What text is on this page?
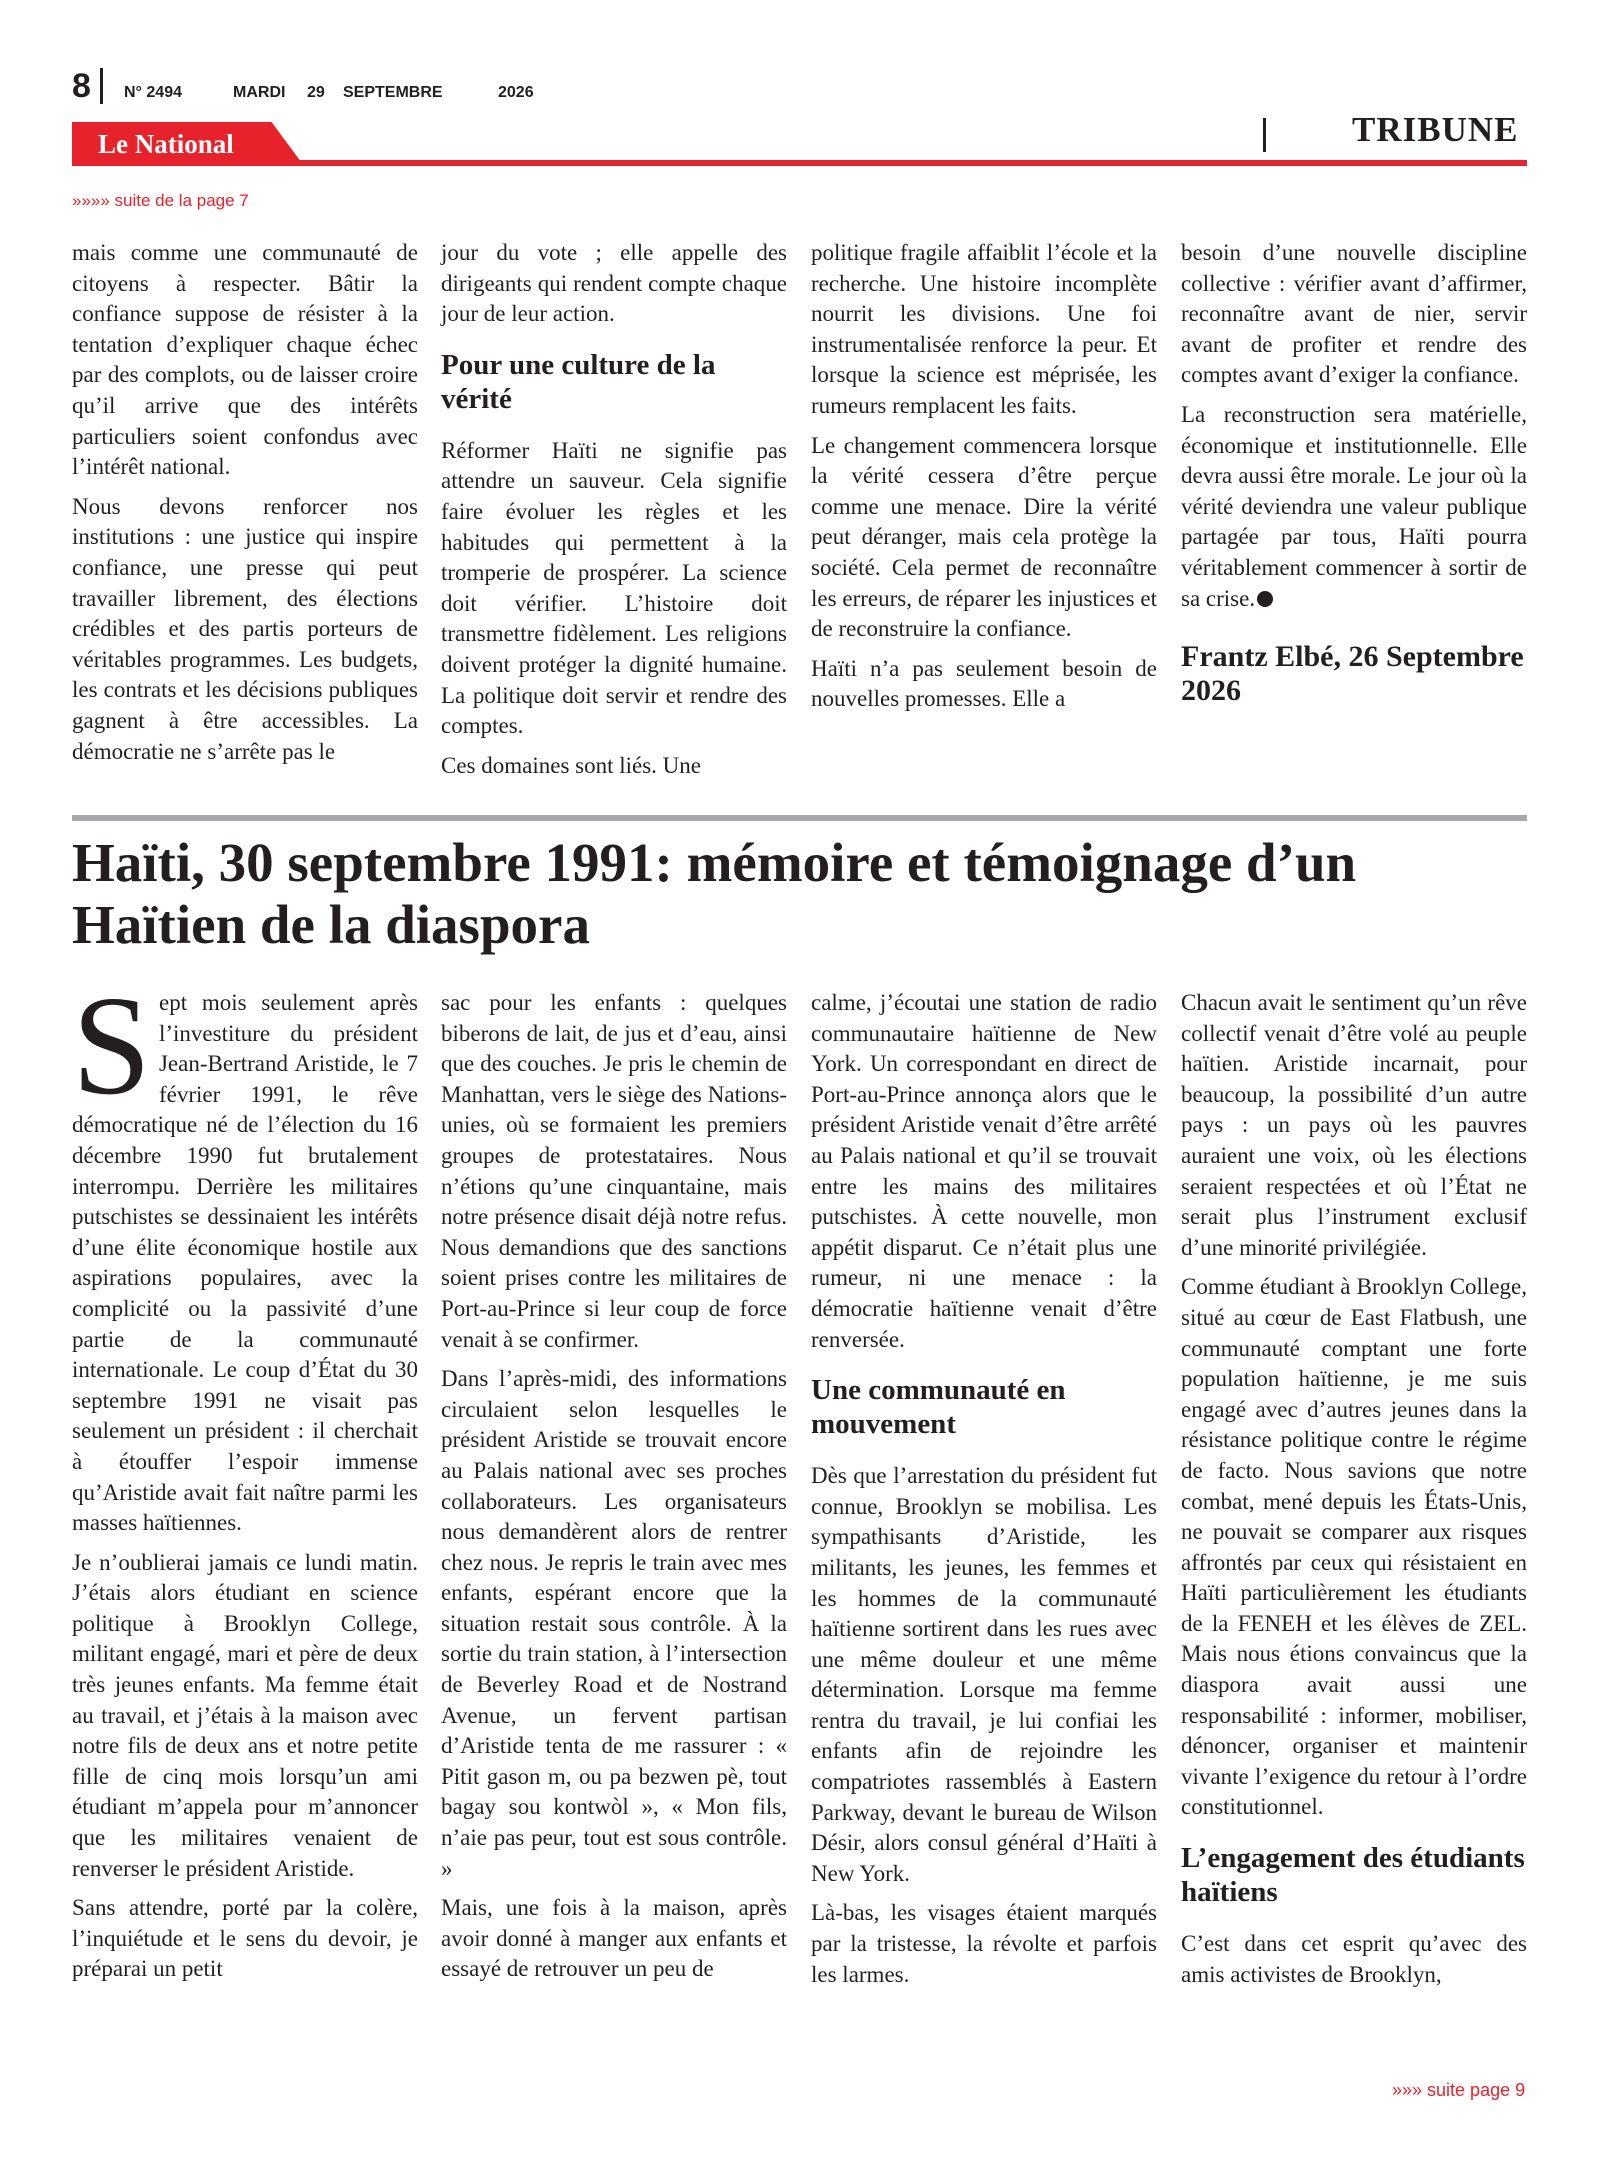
8 N° 2494	MARDI 29 SEPTEMBRE	2026
Le National	TRIBUNE
»»»» suite de la page 7

mais comme une communauté de citoyens à respecter. Bâtir la confiance suppose de résister à la tentation d’expliquer chaque échec par des complots, ou de laisser croire qu’il arrive que des intérêts particuliers soient confondus avec l’intérêt national.

Nous devons renforcer nos institutions : une justice qui inspire confiance, une presse qui peut travailler librement, des élections crédibles et des partis porteurs de véritables programmes. Les budgets, les contrats et les décisions publiques gagnent à être accessibles. La démocratie ne s’arrête pas le

jour du vote ; elle appelle des dirigeants qui rendent compte chaque jour de leur action.

Pour une culture de la vérité

Réformer Haïti ne signifie pas attendre un sauveur. Cela signifie faire évoluer les règles et les habitudes qui permettent à la tromperie de prospérer. La science doit vérifier. L’histoire doit transmettre fidèlement. Les religions doivent protéger la dignité humaine. La politique doit servir et rendre des comptes.

Ces domaines sont liés. Une

politique fragile affaiblit l’école et la recherche. Une histoire incomplète nourrit les divisions. Une foi instrumentalisée renforce la peur. Et lorsque la science est méprisée, les rumeurs remplacent les faits.

Le changement commencera lorsque la vérité cessera d’être perçue comme une menace. Dire la vérité peut déranger, mais cela protège la société. Cela permet de reconnaître les erreurs, de réparer les injustices et de reconstruire la confiance.

Haïti n’a pas seulement besoin de nouvelles promesses. Elle a

besoin d’une nouvelle discipline collective : vérifier avant d’affirmer, reconnaître avant de nier, servir avant de profiter et rendre des comptes avant d’exiger la confiance.

La reconstruction sera matérielle, économique et institutionnelle. Elle devra aussi être morale. Le jour où la vérité deviendra une valeur publique partagée par tous, Haïti pourra véritablement commencer à sortir de sa crise.

Frantz Elbé, 26 Septembre 2026
Haïti, 30 septembre 1991: mémoire et témoignage d’un Haïtien de la diaspora

Sept mois seulement après l’investiture du président Jean-Bertrand Aristide, le 7 février 1991, le rêve démocratique né de l’élection du 16 décembre 1990 fut brutalement interrompu. Derrière les militaires putschistes se dessinaient les intérêts d’une élite économique hostile aux aspirations populaires, avec la complicité ou la passivité d’une partie de la communauté internationale. Le coup d’État du 30 septembre 1991 ne visait pas seulement un président : il cherchait à étouffer l’espoir immense qu’Aristide avait fait naître parmi les masses haïtiennes.

Je n’oublierai jamais ce lundi matin. J’étais alors étudiant en science politique à Brooklyn College, militant engagé, mari et père de deux très jeunes enfants. Ma femme était au travail, et j’étais à la maison avec notre fils de deux ans et notre petite fille de cinq mois lorsqu’un ami étudiant m’appela pour m’annoncer que les militaires venaient de renverser le président Aristide.

Sans attendre, porté par la colère, l’inquiétude et le sens du devoir, je préparai un petit

sac pour les enfants : quelques biberons de lait, de jus et d’eau, ainsi que des couches. Je pris le chemin de Manhattan, vers le siège des Nations-unies, où se formaient les premiers groupes de protestataires. Nous n’étions qu’une cinquantaine, mais notre présence disait déjà notre refus. Nous demandions que des sanctions soient prises contre les militaires de Port-au-Prince si leur coup de force venait à se confirmer.

Dans l’après-midi, des informations circulaient selon lesquelles le président Aristide se trouvait encore au Palais national avec ses proches collaborateurs. Les organisateurs nous demandèrent alors de rentrer chez nous. Je repris le train avec mes enfants, espérant encore que la situation restait sous contrôle. À la sortie du train station, à l’intersection de Beverley Road et de Nostrand Avenue, un fervent partisan d’Aristide tenta de me rassurer : « Pitit gason m, ou pa bezwen pè, tout bagay sou kontwòl », « Mon fils, n’aie pas peur, tout est sous contrôle. »

Mais, une fois à la maison, après avoir donné à manger aux enfants et essayé de retrouver un peu de

calme, j’écoutai une station de radio communautaire haïtienne de New York. Un correspondant en direct de Port-au-Prince annonça alors que le président Aristide venait d’être arrêté au Palais national et qu’il se trouvait entre les mains des militaires putschistes. À cette nouvelle, mon appétit disparut. Ce n’était plus une rumeur, ni une menace : la démocratie haïtienne venait d’être renversée.

Une communauté en mouvement

Dès que l’arrestation du président fut connue, Brooklyn se mobilisa. Les sympathisants d’Aristide, les militants, les jeunes, les femmes et les hommes de la communauté haïtienne sortirent dans les rues avec une même douleur et une même détermination. Lorsque ma femme rentra du travail, je lui confiai les enfants afin de rejoindre les compatriotes rassemblés à Eastern Parkway, devant le bureau de Wilson Désir, alors consul général d’Haïti à New York.

Là-bas, les visages étaient marqués par la tristesse, la révolte et parfois les larmes.

Chacun avait le sentiment qu’un rêve collectif venait d’être volé au peuple haïtien. Aristide incarnait, pour beaucoup, la possibilité d’un autre pays : un pays où les pauvres auraient une voix, où les élections seraient respectées et où l’État ne serait plus l’instrument exclusif d’une minorité privilégiée.

Comme étudiant à Brooklyn College, situé au cœur de East Flatbush, une communauté comptant une forte population haïtienne, je me suis engagé avec d’autres jeunes dans la résistance politique contre le régime de facto. Nous savions que notre combat, mené depuis les États-Unis, ne pouvait se comparer aux risques affrontés par ceux qui résistaient en Haïti particulièrement les étudiants de la FENEH et les élèves de ZEL. Mais nous étions convaincus que la diaspora avait aussi une responsabilité : informer, mobiliser, dénoncer, organiser et maintenir vivante l’exigence du retour à l’ordre constitutionnel.

L’engagement des étudiants haïtiens

C’est dans cet esprit qu’avec des amis activistes de Brooklyn,

»»» suite page 9
